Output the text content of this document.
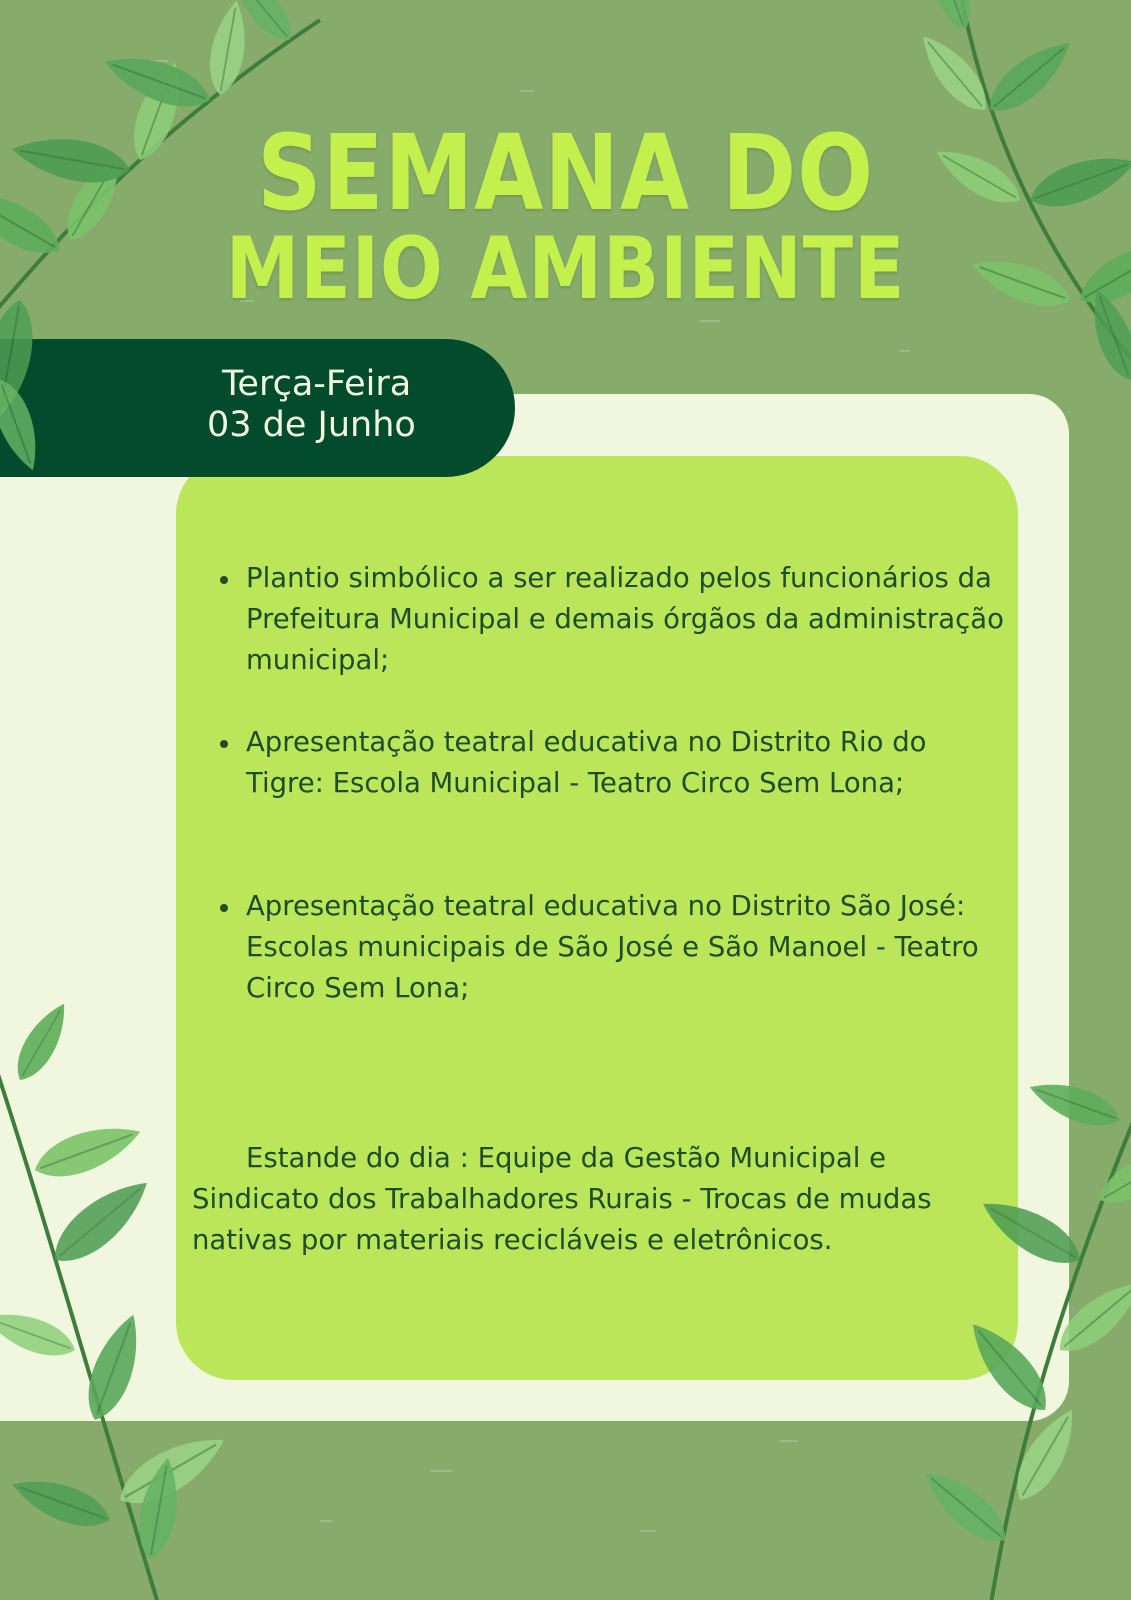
Plantio simbólico a ser realizado pelos funcionários da Prefeitura Municipal e demais órgãos da administração municipal;
Apresentação teatral educativa no Distrito Rio do Tigre: Escola Municipal - Teatro Circo Sem Lona;
Apresentação teatral educativa no Distrito São José: Escolas municipais de São José e São Manoel - Teatro Circo Sem Lona;

Estande do dia : Equipe da Gestão Municipal e Sindicato dos Trabalhadores Rurais - Trocas de mudas nativas por materiais recicláveis e eletrônicos.

Terça-Feira
03 de Junho
SEMANA DO
MEIO AMBIENTE
